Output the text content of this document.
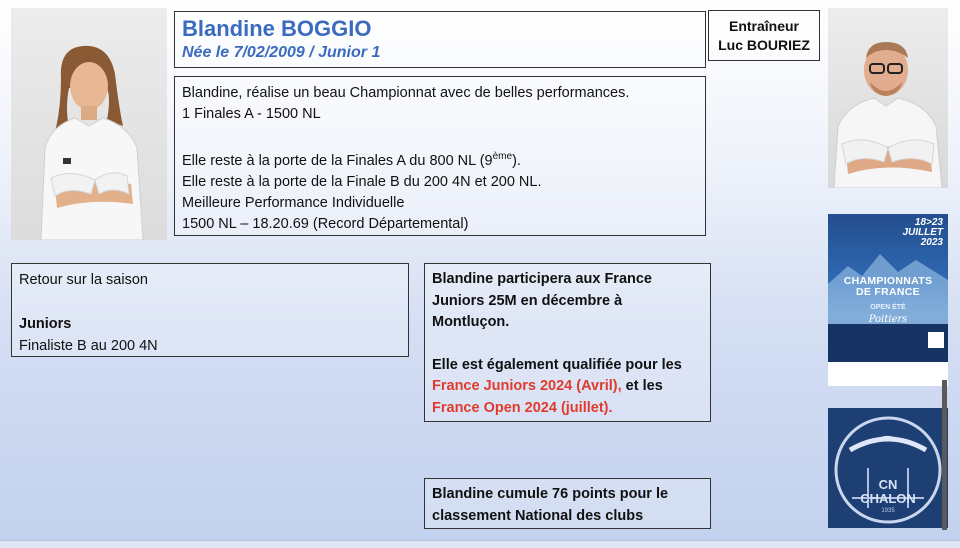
Blandine BOGGIO
Née le 7/02/2009 / Junior 1
Entraîneur
Luc BOURIEZ

Blandine, réalise un beau Championnat avec de belles performances.

1 Finales A - 1500 NL

Elle reste à la porte de la Finales A du 800 NL (9ème).

Elle reste à la porte de la Finale B du 200 4N et 200 NL.

Meilleure Performance Individuelle

1500 NL – 18.20.69 (Record Départemental)

Retour sur la saison

Juniors

Finaliste B au 200 4N

Blandine participera aux France Juniors 25M en décembre à Montluçon.

Elle est également qualifiée pour les France Juniors 2024 (Avril), et les France Open 2024 (juillet).

Blandine cumule 76 points pour le classement National des clubs
18>23
JUILLET
2023
CHAMPIONNATS
DE FRANCE
OPEN ÉTÉ
Poitiers
CN
CHALON
1935
